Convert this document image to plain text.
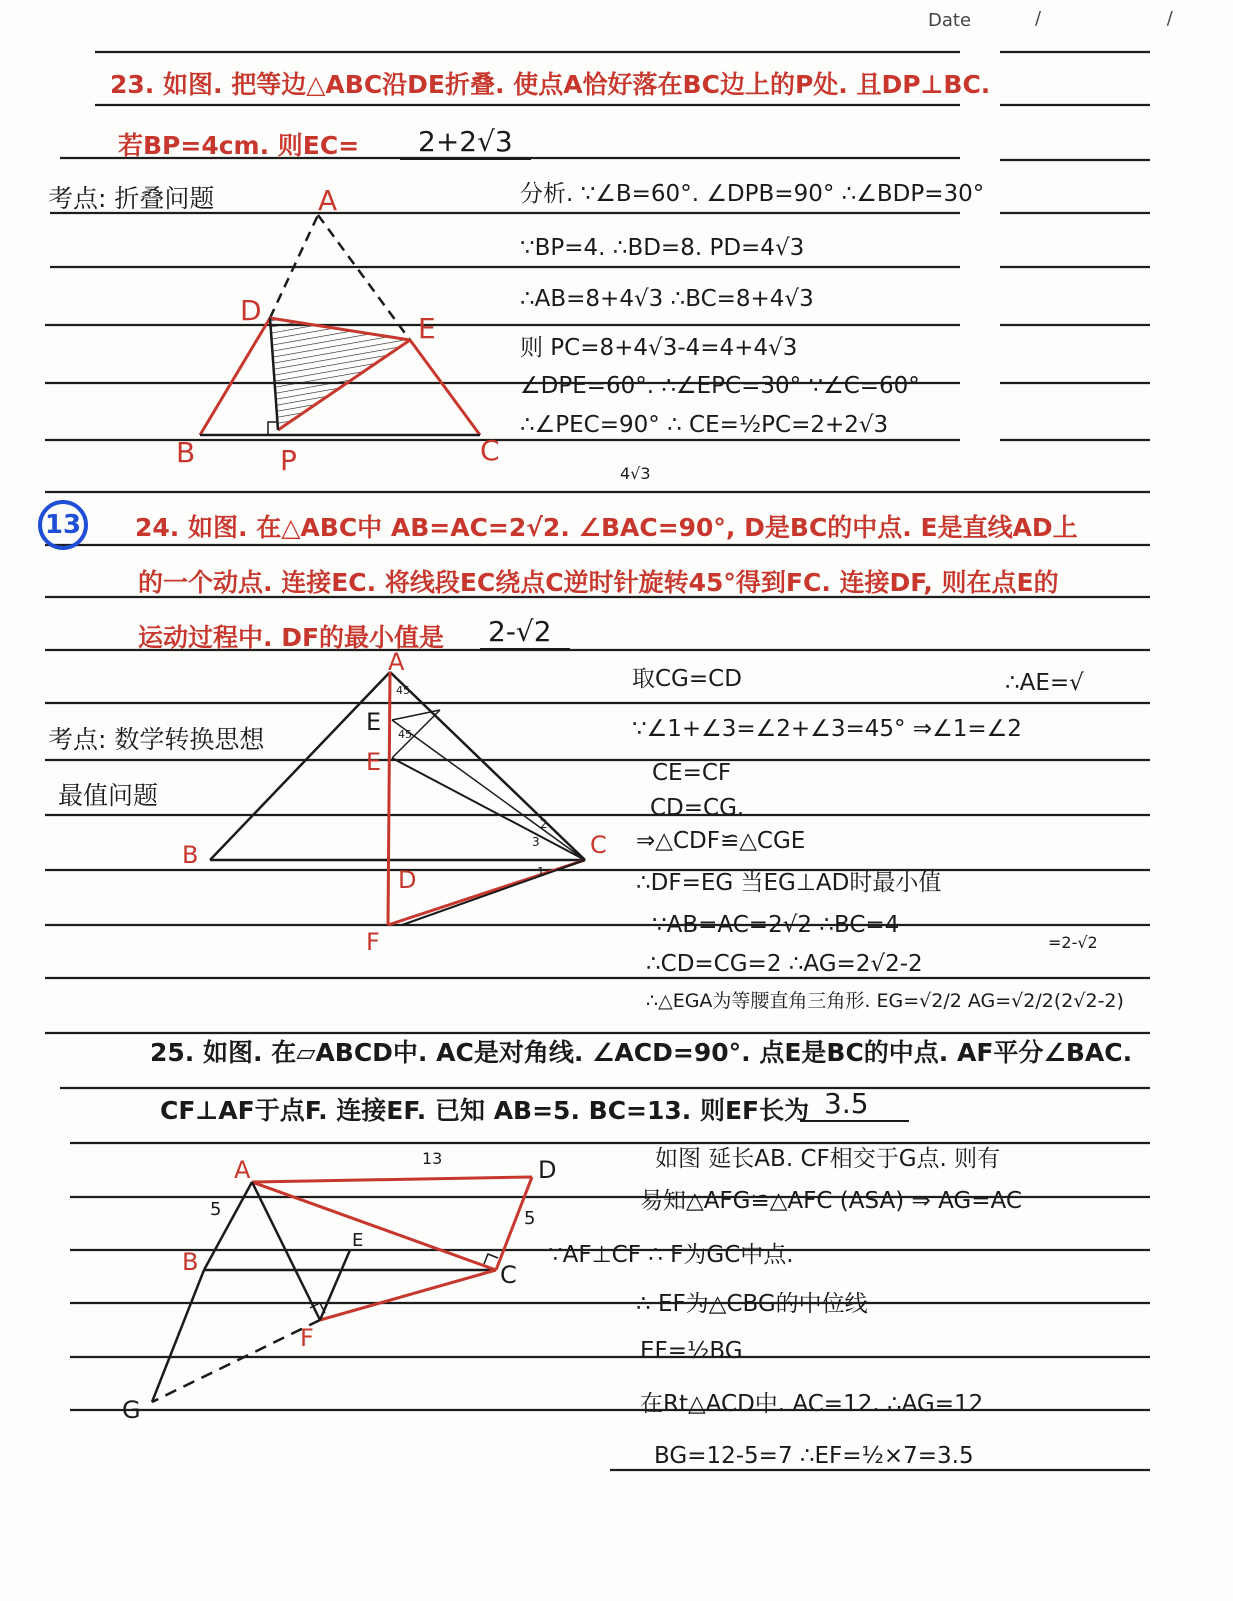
Date	/ /
23. 如图. 把等边△ABC沿DE折叠. 使点A恰好落在BC边上的P处. 且DP⊥BC.
若BP=4cm. 则EC=	2+2√3
考点: 折叠问题	A
D
E
B	P	C
分析. ∵∠B=60°. ∠DPB=90° ∴∠BDP=30°
∵BP=4. ∴BD=8. PD=4√3
∴AB=8+4√3 ∴BC=8+4√3
则 PC=8+4√3-4=4+4√3
∠DPE=60°. ∴∠EPC=30° ∵∠C=60°
∴∠PEC=90° ∴ CE=½PC=2+2√3
4√3
13 24. 如图. 在△ABC中 AB=AC=2√2. ∠BAC=90°, D是BC的中点. E是直线AD上
的一个动点. 连接EC. 将线段EC绕点C逆时针旋转45°得到FC. 连接DF, 则在点E的
运动过程中. DF的最小值是 2-√2
考点: 数学转换思想
最值问题
A
B	C
D
E
E
F
45
45
2
3
1
取CG=CD
∵∠1+∠3=∠2+∠3=45° ⇒∠1=∠2
CE=CF
CD=CG.
⇒△CDF≌△CGE
∴DF=EG 当EG⊥AD时最小值
∵AB=AC=2√2 ∴BC=4
∴CD=CG=2 ∴AG=2√2-2
∴△EGA为等腰直角三角形. EG=√2/2 AG=√2/2(2√2-2)
∴AE=√
=2-√2
25. 如图. 在▱ABCD中. AC是对角线. ∠ACD=90°. 点E是BC的中点. AF平分∠BAC.
CF⊥AF于点F. 连接EF. 已知 AB=5. BC=13. 则EF长为 3.5
A	D
B	C
E
F
G
13
5	5
如图 延长AB. CF相交于G点. 则有
易知△AFG≌△AFC (ASA) ⇒ AG=AC
∵AF⊥CF ∴ F为GC中点.
∴ EF为△CBG的中位线
EF=½BG
在Rt△ACD中. AC=12. ∴AG=12
BG=12-5=7 ∴EF=½×7=3.5
